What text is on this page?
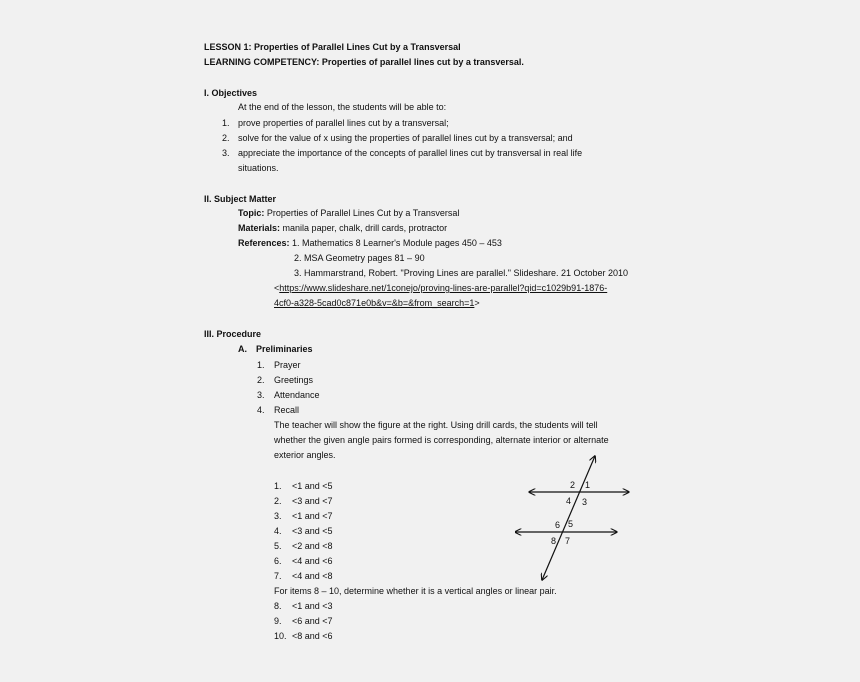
LESSON 1: Properties of Parallel Lines Cut by a Transversal
LEARNING COMPETENCY: Properties of parallel lines cut by a transversal.
I. Objectives
At the end of the lesson, the students will be able to:
1. prove properties of parallel lines cut by a transversal;
2. solve for the value of x using the properties of parallel lines cut by a transversal; and
3. appreciate the importance of the concepts of parallel lines cut by transversal in real life
situations.
II. Subject Matter
Topic: Properties of Parallel Lines Cut by a Transversal
Materials: manila paper, chalk, drill cards, protractor
References: 1. Mathematics 8 Learner's Module pages 450 – 453
2. MSA Geometry pages 81 – 90
3. Hammarstrand, Robert. "Proving Lines are parallel." Slideshare. 21 October 2010
<https://www.slideshare.net/1conejo/proving-lines-are-parallel?qid=c1029b91-1876-
4cf0-a328-5cad0c871e0b&v=&b=&from_search=1>
III. Procedure
A. Preliminaries
1. Prayer
2. Greetings
3. Attendance
4. Recall
The teacher will show the figure at the right. Using drill cards, the students will tell
whether the given angle pairs formed is corresponding, alternate interior or alternate
exterior angles.
1. <1 and <5
2. <3 and <7
3. <1 and <7
4. <3 and <5
5. <2 and <8
6. <4 and <6
7. <4 and <8
For items 8 – 10, determine whether it is a vertical angles or linear pair.
8. <1 and <3
9. <6 and <7
10. <8 and <6
2 1
4 3
6 5
8 7
